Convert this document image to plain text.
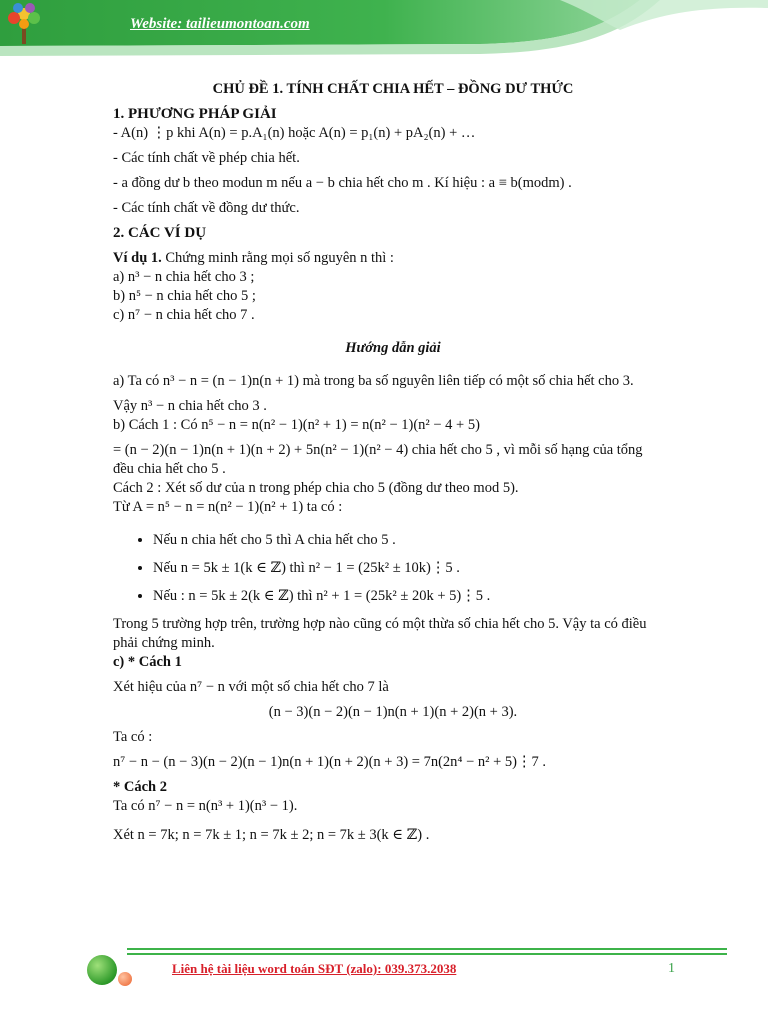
Website: tailieumontoan.com

CHỦ ĐỀ 1. TÍNH CHẤT CHIA HẾT – ĐỒNG DƯ THỨC

1. PHƯƠNG PHÁP GIẢI

- A(n) ⋮p khi A(n) = p.A₁(n) hoặc A(n) = p₁(n) + pA₂(n) + …

- Các tính chất về phép chia hết.

- a đồng dư b theo modun m nếu a − b chia hết cho m . Kí hiệu : a ≡ b(modm) .

- Các tính chất về đồng dư thức.

2. CÁC VÍ DỤ

Ví dụ 1. Chứng minh rằng mọi số nguyên n thì :

a) n³ − n chia hết cho 3 ;

b) n⁵ − n chia hết cho 5 ;

c) n⁷ − n chia hết cho 7 .

Hướng dẫn giải

a) Ta có n³ − n = (n − 1)n(n + 1) mà trong ba số nguyên liên tiếp có một số chia hết cho 3.

Vậy n³ − n chia hết cho 3 .

b) Cách 1 : Có n⁵ − n = n(n² − 1)(n² + 1) = n(n² − 1)(n² − 4 + 5)

= (n − 2)(n − 1)n(n + 1)(n + 2) + 5n(n² − 1)(n² − 4) chia hết cho 5 , vì mỗi số hạng của tổng

đều chia hết cho 5 .

Cách 2 : Xét số dư của n trong phép chia cho 5 (đồng dư theo mod 5).

Từ A = n⁵ − n = n(n² − 1)(n² + 1) ta có :

• Nếu n chia hết cho 5 thì A chia hết cho 5 .
• Nếu n = 5k ± 1(k ∈ ℤ) thì n² − 1 = (25k² ± 10k)⋮5 .
• Nếu : n = 5k ± 2(k ∈ ℤ) thì n² + 1 = (25k² ± 20k + 5)⋮5 .

Trong 5 trường hợp trên, trường hợp nào cũng có một thừa số chia hết cho 5. Vậy ta có điều phải chứng minh.

c) * Cách 1

Xét hiệu của n⁷ − n với một số chia hết cho 7 là

(n − 3)(n − 2)(n − 1)n(n + 1)(n + 2)(n + 3).

Ta có :

n⁷ − n − (n − 3)(n − 2)(n − 1)n(n + 1)(n + 2)(n + 3) = 7n(2n⁴ − n² + 5)⋮7 .

* Cách 2

Ta có n⁷ − n = n(n³ + 1)(n³ − 1).

Xét n = 7k; n = 7k ± 1; n = 7k ± 2; n = 7k ± 3(k ∈ ℤ) .

Liên hệ tài liệu word toán SĐT (zalo): 039.373.2038	1
